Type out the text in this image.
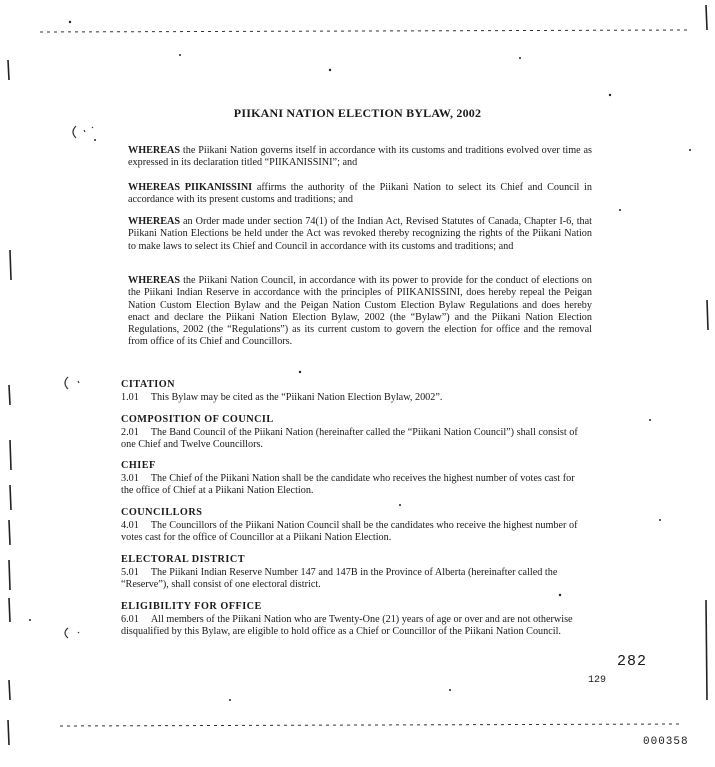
PIIKANI NATION ELECTION BYLAW, 2002
WHEREAS the Piikani Nation governs itself in accordance with its customs and traditions evolved over time as expressed in its declaration titled “PIIKANISSINI”; and
WHEREAS PIIKANISSINI affirms the authority of the Piikani Nation to select its Chief and Council in accordance with its present customs and traditions; and
WHEREAS an Order made under section 74(1) of the Indian Act, Revised Statutes of Canada, Chapter I-6, that Piikani Nation Elections be held under the Act was revoked thereby recognizing the rights of the Piikani Nation to make laws to select its Chief and Council in accordance with its customs and traditions; and
WHEREAS the Piikani Nation Council, in accordance with its power to provide for the conduct of elections on the Piikani Indian Reserve in accordance with the principles of PIIKANISSINI, does hereby repeal the Peigan Nation Custom Election Bylaw and the Peigan Nation Custom Election Bylaw Regulations and does hereby enact and declare the Piikani Nation Election Bylaw, 2002 (the “Bylaw”) and the Piikani Nation Election Regulations, 2002 (the “Regulations”) as its current custom to govern the election for office and the removal from office of its Chief and Councillors.
CITATION
1.01 This Bylaw may be cited as the “Piikani Nation Election Bylaw, 2002”.
COMPOSITION OF COUNCIL
2.01 The Band Council of the Piikani Nation (hereinafter called the “Piikani Nation Council”) shall consist of one Chief and Twelve Councillors.
CHIEF
3.01 The Chief of the Piikani Nation shall be the candidate who receives the highest number of votes cast for the office of Chief at a Piikani Nation Election.
COUNCILLORS
4.01 The Councillors of the Piikani Nation Council shall be the candidates who receive the highest number of votes cast for the office of Councillor at a Piikani Nation Election.
ELECTORAL DISTRICT
5.01 The Piikani Indian Reserve Number 147 and 147B in the Province of Alberta (hereinafter called the “Reserve”), shall consist of one electoral district.
ELIGIBILITY FOR OFFICE
6.01 All members of the Piikani Nation who are Twenty-One (21) years of age or over and are not otherwise disqualified by this Bylaw, are eligible to hold office as a Chief or Councillor of the Piikani Nation Council.
282
129
000358
